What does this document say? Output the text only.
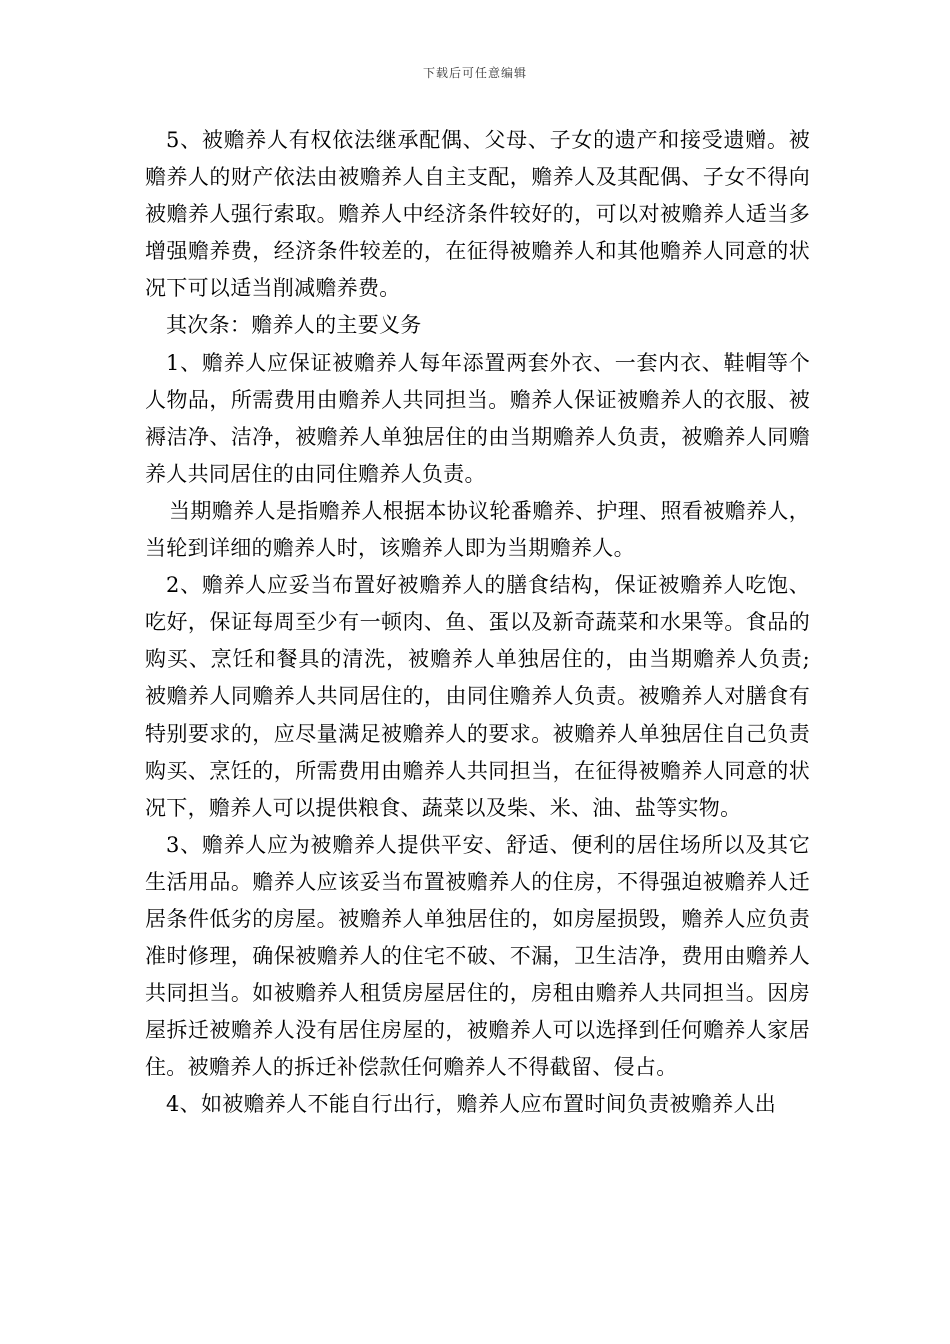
下载后可任意编辑

5、被赡养人有权依法继承配偶、父母、子女的遗产和接受遗赠。被赡养人的财产依法由被赡养人自主支配，赡养人及其配偶、子女不得向被赡养人强行索取。赡养人中经济条件较好的，可以对被赡养人适当多增强赡养费，经济条件较差的，在征得被赡养人和其他赡养人同意的状况下可以适当削减赡养费。

其次条：赡养人的主要义务

1、赡养人应保证被赡养人每年添置两套外衣、一套内衣、鞋帽等个人物品，所需费用由赡养人共同担当。赡养人保证被赡养人的衣服、被褥洁净、洁净，被赡养人单独居住的由当期赡养人负责，被赡养人同赡养人共同居住的由同住赡养人负责。

当期赡养人是指赡养人根据本协议轮番赡养、护理、照看被赡养人，当轮到详细的赡养人时，该赡养人即为当期赡养人。

2、赡养人应妥当布置好被赡养人的膳食结构，保证被赡养人吃饱、吃好，保证每周至少有一顿肉、鱼、蛋以及新奇蔬菜和水果等。食品的购买、烹饪和餐具的清洗，被赡养人单独居住的，由当期赡养人负责;被赡养人同赡养人共同居住的，由同住赡养人负责。被赡养人对膳食有特别要求的，应尽量满足被赡养人的要求。被赡养人单独居住自己负责购买、烹饪的，所需费用由赡养人共同担当，在征得被赡养人同意的状况下，赡养人可以提供粮食、蔬菜以及柴、米、油、盐等实物。

3、赡养人应为被赡养人提供平安、舒适、便利的居住场所以及其它生活用品。赡养人应该妥当布置被赡养人的住房，不得强迫被赡养人迁居条件低劣的房屋。被赡养人单独居住的，如房屋损毁，赡养人应负责准时修理，确保被赡养人的住宅不破、不漏，卫生洁净，费用由赡养人共同担当。如被赡养人租赁房屋居住的，房租由赡养人共同担当。因房屋拆迁被赡养人没有居住房屋的，被赡养人可以选择到任何赡养人家居住。被赡养人的拆迁补偿款任何赡养人不得截留、侵占。

4、如被赡养人不能自行出行，赡养人应布置时间负责被赡养人出
